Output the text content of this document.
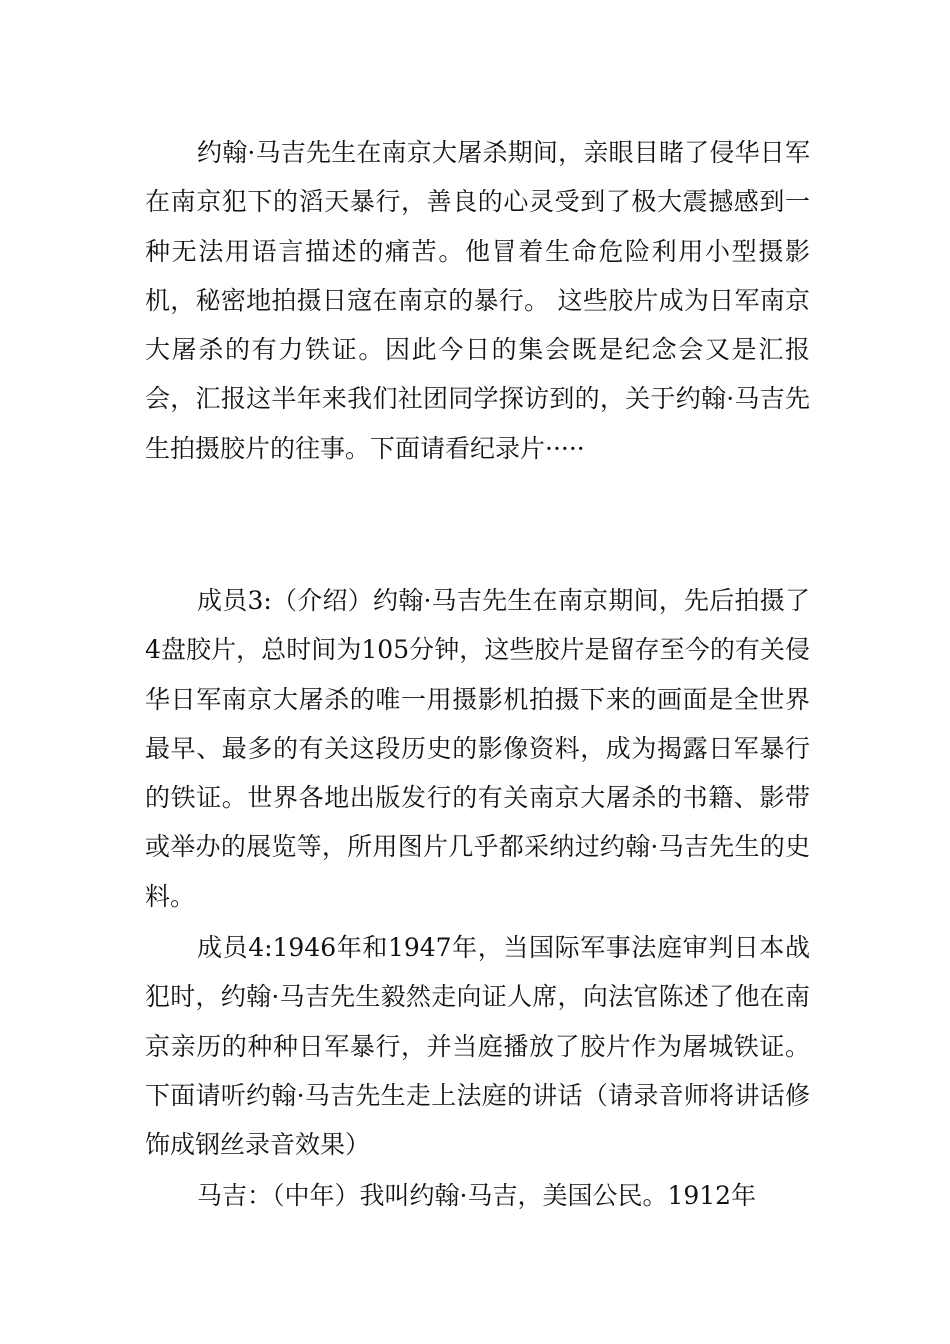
约翰·马吉先生在南京大屠杀期间，亲眼目睹了侵华日军在南京犯下的滔天暴行，善良的心灵受到了极大震撼感到一种无法用语言描述的痛苦。他冒着生命危险利用小型摄影机，秘密地拍摄日寇在南京的暴行。 这些胶片成为日军南京大屠杀的有力铁证。因此今日的集会既是纪念会又是汇报会，汇报这半年来我们社团同学探访到的，关于约翰·马吉先生拍摄胶片的往事。下面请看纪录片·····

成员3:（介绍）约翰·马吉先生在南京期间，先后拍摄了4盘胶片，总时间为105分钟，这些胶片是留存至今的有关侵华日军南京大屠杀的唯一用摄影机拍摄下来的画面是全世界最早、最多的有关这段历史的影像资料，成为揭露日军暴行的铁证。世界各地出版发行的有关南京大屠杀的书籍、影带或举办的展览等，所用图片几乎都采纳过约翰·马吉先生的史料。

成员4:1946年和1947年，当国际军事法庭审判日本战犯时，约翰·马吉先生毅然走向证人席，向法官陈述了他在南京亲历的种种日军暴行，并当庭播放了胶片作为屠城铁证。下面请听约翰·马吉先生走上法庭的讲话（请录音师将讲话修饰成钢丝录音效果）

马吉：（中年）我叫约翰·马吉，美国公民。1912年
